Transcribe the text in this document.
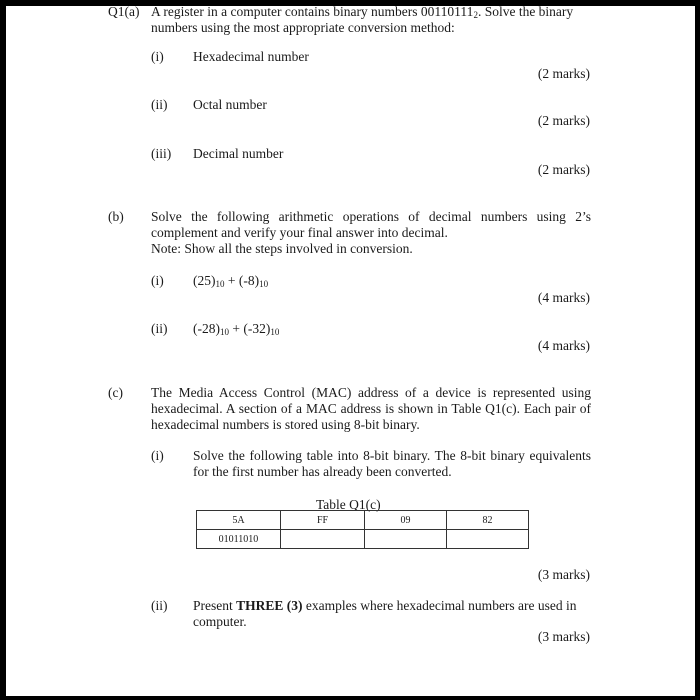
Q1(a) A register in a computer contains binary numbers $00110111_2$. Solve the binary
numbers using the most appropriate conversion method:
(i) Hexadecimal number
(2 marks)
(ii) Octal number
(2 marks)
(iii) Decimal number
(2 marks)
(b) Solve the following arithmetic operations of decimal numbers using 2’s complement and verify your final answer into decimal.
Note: Show all the steps involved in conversion.
(i) $(25)_{10} + (-8)_{10}$
(4 marks)
(ii) $(-28)_{10} + (-32)_{10}$
(4 marks)
(c) The Media Access Control (MAC) address of a device is represented using hexadecimal. A section of a MAC address is shown in Table Q1(c). Each pair of hexadecimal numbers is stored using 8-bit binary.
(i) Solve the following table into 8-bit binary. The 8-bit binary equivalents for the first number has already been converted.
Table Q1(c)
5A	FF	09	82
01011010			
(3 marks)
(ii) Present THREE (3) examples where hexadecimal numbers are used in
computer.
(3 marks)
